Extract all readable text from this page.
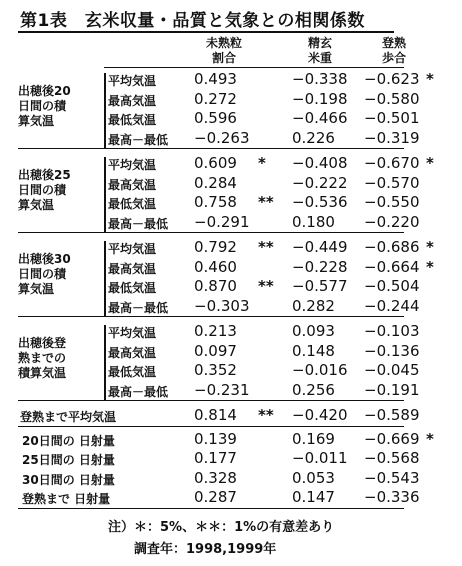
第1表　玄米収量・品質と気象との相関係数
未熟粒
割合
精玄
米重
登熟
歩合
出穂後20
日間の積
算気温
平均気温	0.493	−0.338 −0.623 *
最高気温	0.272	−0.198 −0.580
最低気温	0.596	−0.466 −0.501
最高－最低 −0.263	0.226 −0.319
出穂後25
日間の積
算気温
平均気温	0.609 * −0.408 −0.670 *
最高気温	0.284	−0.222 −0.570
最低気温	0.758 ** −0.536 −0.550
最高－最低 −0.291	0.180 −0.220
出穂後30
日間の積
算気温
平均気温	0.792 ** −0.449 −0.686 *
最高気温	0.460	−0.228 −0.664 *
最低気温	0.870 ** −0.577 −0.504
最高－最低 −0.303	0.282 −0.244
出穂後登
熟までの
積算気温
平均気温	0.213	0.093 −0.103
最高気温	0.097	0.148 −0.136
最低気温	0.352	−0.016 −0.045
最高－最低 −0.231	0.256 −0.191
登熟まで平均気温	0.814 ** −0.420 −0.589
20日間の 日射量	0.139	0.169 −0.669 *
25日間の 日射量	0.177	−0.011 −0.568
30日間の 日射量	0.328	0.053 −0.543
登熟まで 日射量	0.287	0.147 −0.336
注）＊：5%、＊＊：1%の有意差あり
調査年：1998,1999年
